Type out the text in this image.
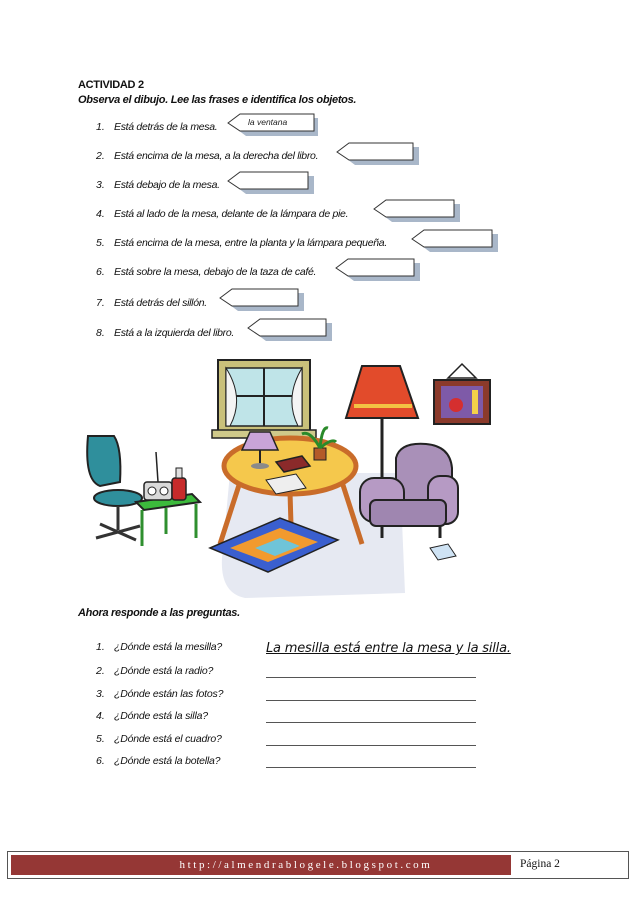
ACTIVIDAD 2
Observa el dibujo. Lee las frases e identifica los objetos.
1. Está detrás de la mesa.
2. Está encima de la mesa, a la derecha del libro.
3. Está debajo de la mesa.
4. Está al lado de la mesa, delante de la lámpara de pie.
5. Está encima de la mesa, entre la planta y la lámpara pequeña.
6. Está sobre la mesa, debajo de la taza de café.
7. Está detrás del sillón.
8. Está a la izquierda del libro.
la ventana
Ahora responde a las preguntas.
1. ¿Dónde está la mesilla?	La mesilla está entre la mesa y la silla.
2. ¿Dónde está la radio?
3. ¿Dónde están las fotos?
4. ¿Dónde está la silla?
5. ¿Dónde está el cuadro?
6. ¿Dónde está la botella?
http://almendrablogele.blogspot.com	Página 2
